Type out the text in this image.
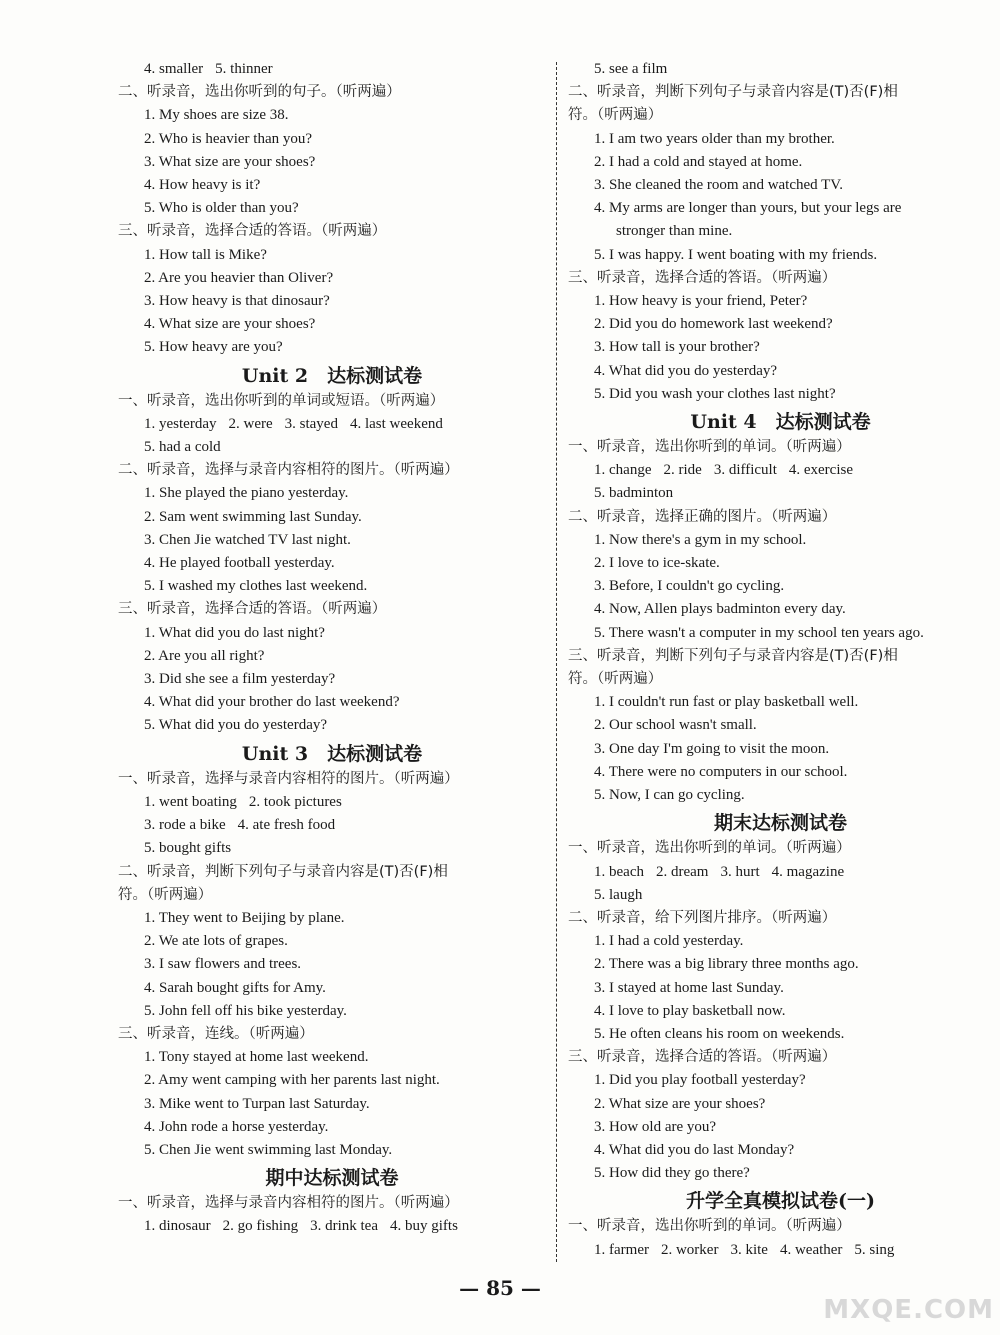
4. smaller 5. thinner
二、听录音，选出你听到的句子。（听两遍）
1. My shoes are size 38.
2. Who is heavier than you?
3. What size are your shoes?
4. How heavy is it?
5. Who is older than you?
三、听录音，选择合适的答语。（听两遍）
1. How tall is Mike?
2. Are you heavier than Oliver?
3. How heavy is that dinosaur?
4. What size are your shoes?
5. How heavy are you?
Unit 2　达标测试卷
一、听录音，选出你听到的单词或短语。（听两遍）
1. yesterday 2. were 3. stayed 4. last weekend
5. had a cold
二、听录音，选择与录音内容相符的图片。（听两遍）
1. She played the piano yesterday.
2. Sam went swimming last Sunday.
3. Chen Jie watched TV last night.
4. He played football yesterday.
5. I washed my clothes last weekend.
三、听录音，选择合适的答语。（听两遍）
1. What did you do last night?
2. Are you all right?
3. Did she see a film yesterday?
4. What did your brother do last weekend?
5. What did you do yesterday?
Unit 3　达标测试卷
一、听录音，选择与录音内容相符的图片。（听两遍）
1. went boating 2. took pictures
3. rode a bike 4. ate fresh food
5. bought gifts
二、听录音，判断下列句子与录音内容是(T)否(F)相
符。（听两遍）
1. They went to Beijing by plane.
2. We ate lots of grapes.
3. I saw flowers and trees.
4. Sarah bought gifts for Amy.
5. John fell off his bike yesterday.
三、听录音，连线。（听两遍）
1. Tony stayed at home last weekend.
2. Amy went camping with her parents last night.
3. Mike went to Turpan last Saturday.
4. John rode a horse yesterday.
5. Chen Jie went swimming last Monday.
期中达标测试卷
一、听录音，选择与录音内容相符的图片。（听两遍）
1. dinosaur 2. go fishing 3. drink tea 4. buy gifts
5. see a film
二、听录音，判断下列句子与录音内容是(T)否(F)相
符。（听两遍）
1. I am two years older than my brother.
2. I had a cold and stayed at home.
3. She cleaned the room and watched TV.
4. My arms are longer than yours, but your legs are
stronger than mine.
5. I was happy. I went boating with my friends.
三、听录音，选择合适的答语。（听两遍）
1. How heavy is your friend, Peter?
2. Did you do homework last weekend?
3. How tall is your brother?
4. What did you do yesterday?
5. Did you wash your clothes last night?
Unit 4　达标测试卷
一、听录音，选出你听到的单词。（听两遍）
1. change 2. ride 3. difficult 4. exercise
5. badminton
二、听录音，选择正确的图片。（听两遍）
1. Now there's a gym in my school.
2. I love to ice-skate.
3. Before, I couldn't go cycling.
4. Now, Allen plays badminton every day.
5. There wasn't a computer in my school ten years ago.
三、听录音，判断下列句子与录音内容是(T)否(F)相
符。（听两遍）
1. I couldn't run fast or play basketball well.
2. Our school wasn't small.
3. One day I'm going to visit the moon.
4. There were no computers in our school.
5. Now, I can go cycling.
期末达标测试卷
一、听录音，选出你听到的单词。（听两遍）
1. beach 2. dream 3. hurt 4. magazine
5. laugh
二、听录音，给下列图片排序。（听两遍）
1. I had a cold yesterday.
2. There was a big library three months ago.
3. I stayed at home last Sunday.
4. I love to play basketball now.
5. He often cleans his room on weekends.
三、听录音，选择合适的答语。（听两遍）
1. Did you play football yesterday?
2. What size are your shoes?
3. How old are you?
4. What did you do last Monday?
5. How did they go there?
升学全真模拟试卷(一)
一、听录音，选出你听到的单词。（听两遍）
1. farmer 2. worker 3. kite 4. weather 5. sing
— 85 —
MXQE.COM
